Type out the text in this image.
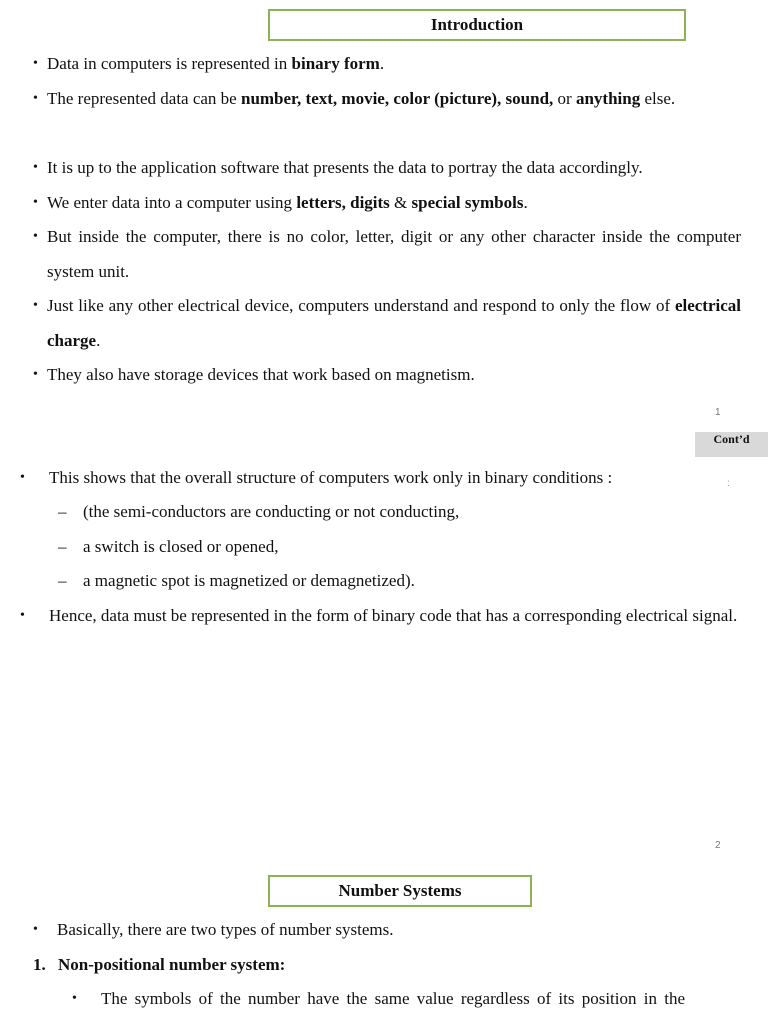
Introduction
• Data in computers is represented in binary form.
• The represented data can be number, text, movie, color (picture), sound, or anything else.
• It is up to the application software that presents the data to portray the data accordingly.
• We enter data into a computer using letters, digits & special symbols.
• But inside the computer, there is no color, letter, digit or any other character inside the computer system unit.
• Just like any other electrical device, computers understand and respond to only the flow of electrical charge.
• They also have storage devices that work based on magnetism.
1
Cont’d
:
•	This shows that the overall structure of computers work only in binary conditions :
– (the semi-conductors are conducting or not conducting,
– a switch is closed or opened,
– a magnetic spot is magnetized or demagnetized).
•	Hence, data must be represented in the form of binary code that has a corresponding electrical signal.
2
Number Systems
•	Basically, there are two types of number systems.
1. Non-positional number system:
•	The symbols of the number have the same value regardless of its position in the
